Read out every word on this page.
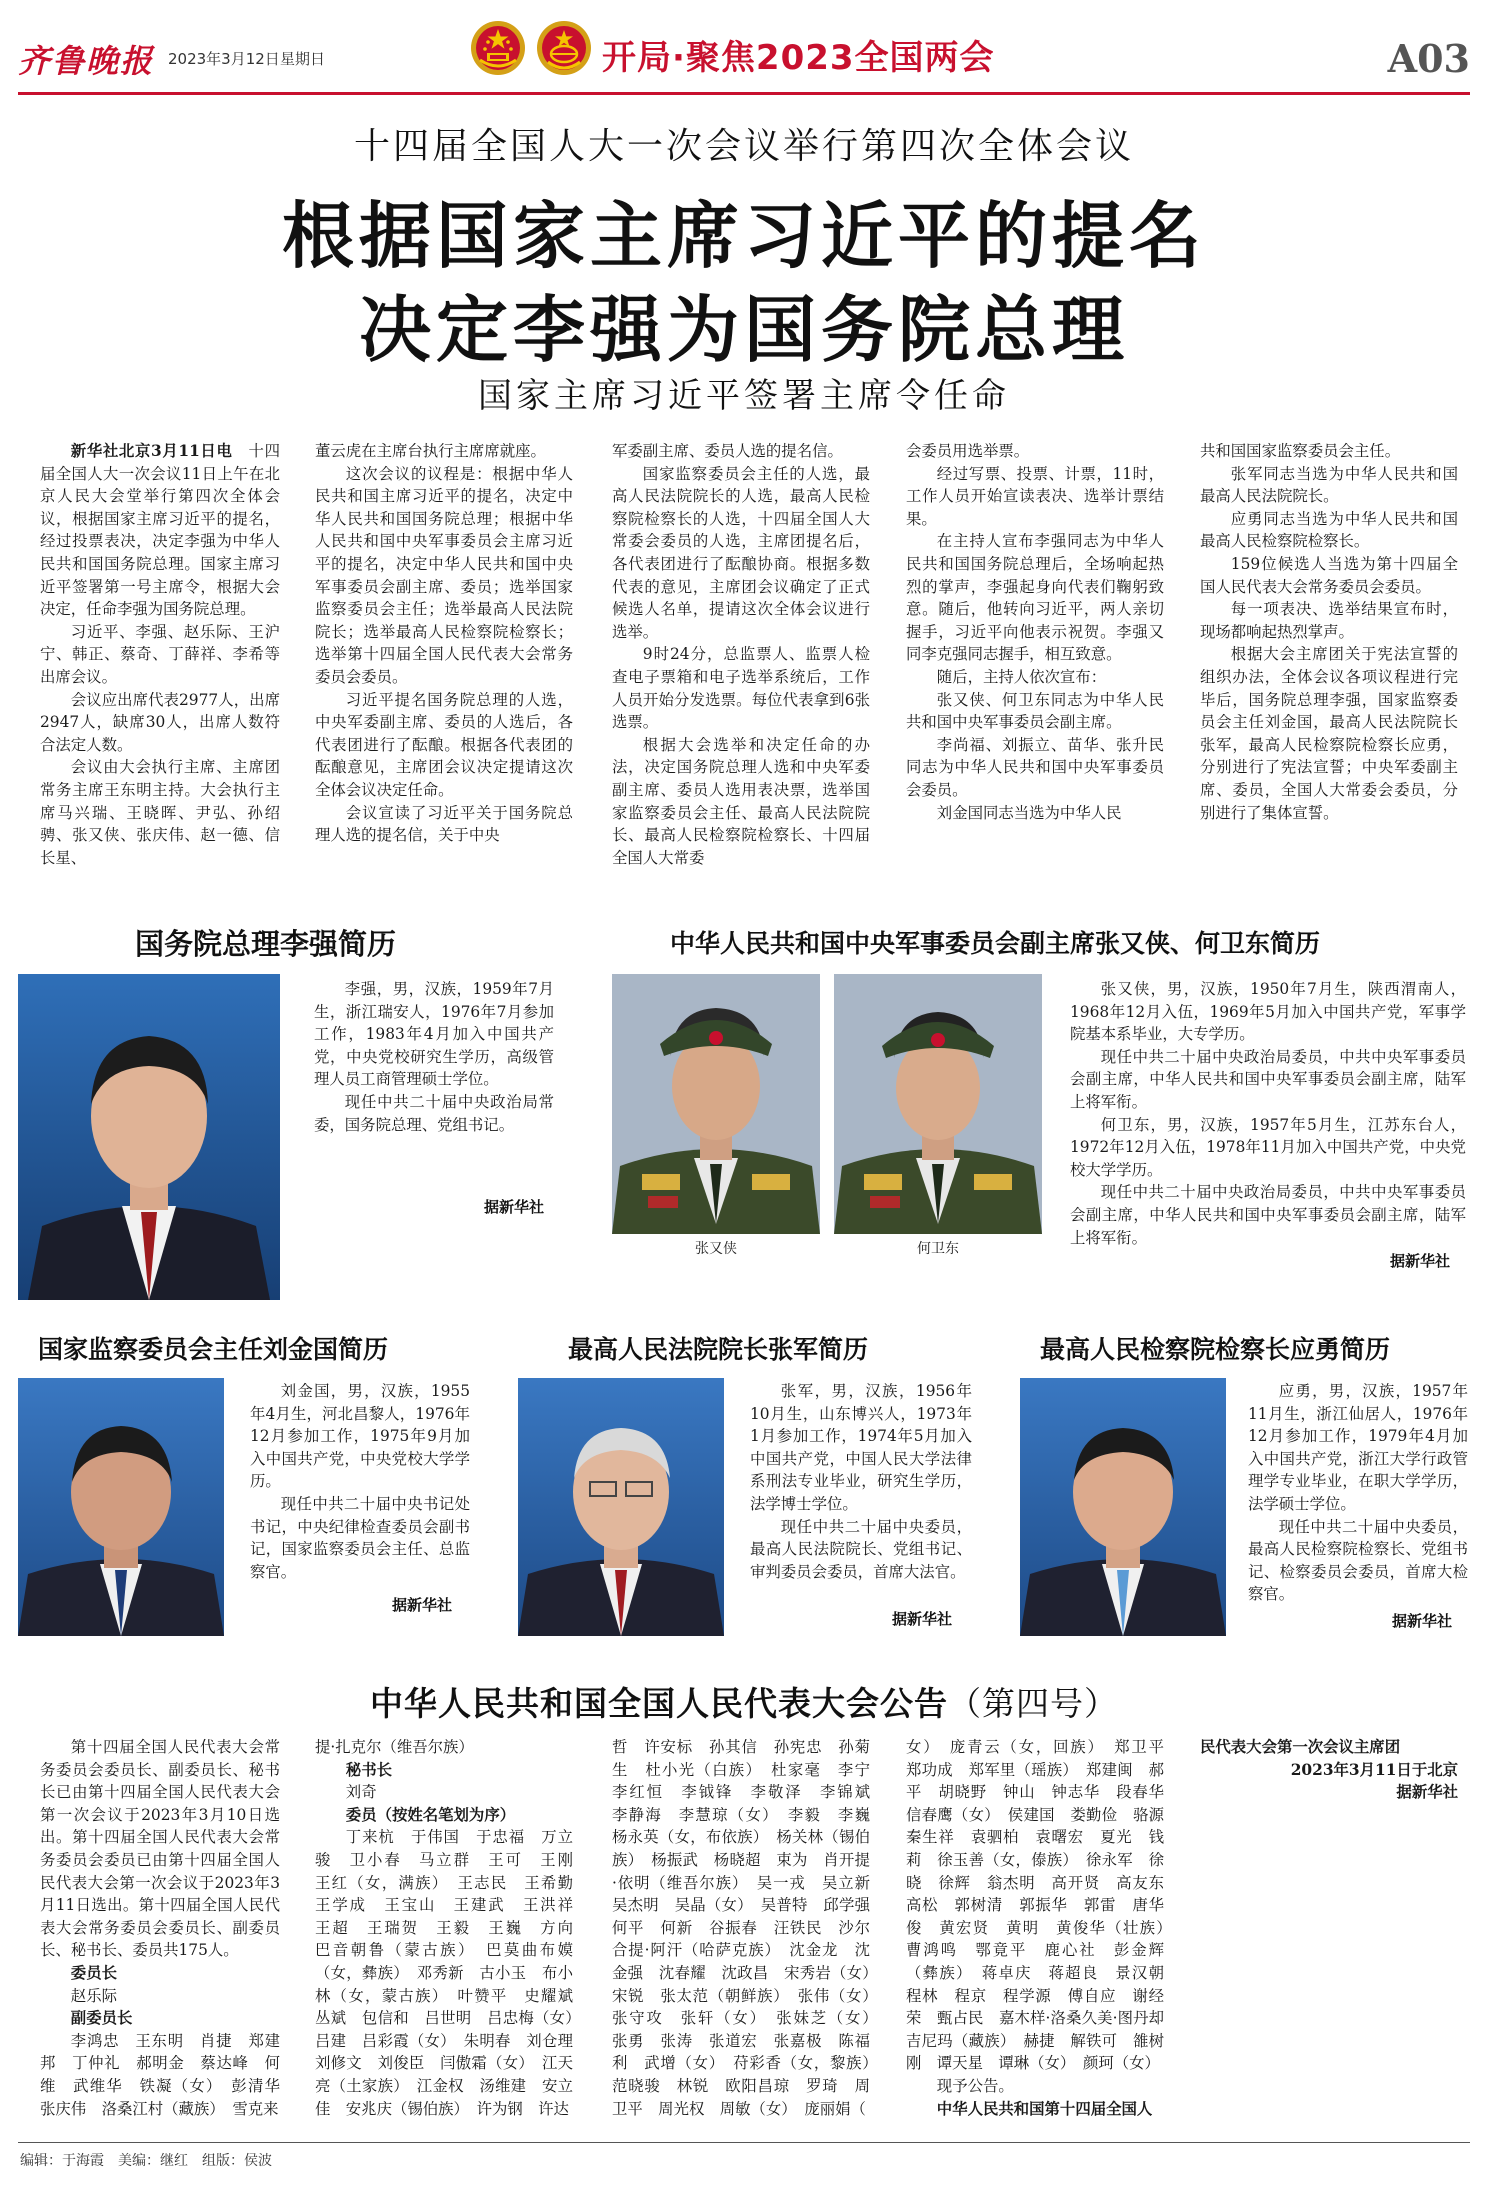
齐鲁晚报 2023年3月12日 星期日	开局·聚焦2023全国两会	A03
十四届全国人大一次会议举行第四次全体会议
根据国家主席习近平的提名
决定李强为国务院总理
国家主席习近平签署主席令任命

新华社北京3月11日电　 十四届全国人大一次会议11日上午在北京人民大会堂举行第四次全体会议，根据国家主席习近平的提名，经过投票表决，决定李强为中华人民共和国国务院总理。国家主席习近平签署第一号主席令，根据大会决定，任命李强为国务院总理。

习近平、李强、赵乐际、王沪宁、韩正、蔡奇、丁薛祥、李希等出席会议。

会议应出席代表2977人，出席2947人，缺席30人，出席人数符合法定人数。

会议由大会执行主席、主席团常务主席王东明主持。大会执行主席马兴瑞、王晓晖、尹弘、孙绍骋、张又侠、张庆伟、赵一德、信长星、

董云虎在主席台执行主席席就座。

这次会议的议程是：根据中华人民共和国主席习近平的提名，决定中华人民共和国国务院总理；根据中华人民共和国中央军事委员会主席习近平的提名，决定中华人民共和国中央军事委员会副主席、委员；选举国家监察委员会主任；选举最高人民法院院长；选举最高人民检察院检察长；选举第十四届全国人民代表大会常务委员会委员。

习近平提名国务院总理的人选，中央军委副主席、委员的人选后，各代表团进行了酝酿。根据各代表团的酝酿意见，主席团会议决定提请这次全体会议决定任命。

会议宣读了习近平关于国务院总理人选的提名信，关于中央

军委副主席、委员人选的提名信。

国家监察委员会主任的人选，最高人民法院院长的人选，最高人民检察院检察长的人选，十四届全国人大常委会委员的人选，主席团提名后，各代表团进行了酝酿协商。根据多数代表的意见，主席团会议确定了正式候选人名单，提请这次全体会议进行选举。

9时24分，总监票人、监票人检查电子票箱和电子选举系统后，工作人员开始分发选票。每位代表拿到6张选票。

根据大会选举和决定任命的办法，决定国务院总理人选和中央军委副主席、委员人选用表决票，选举国家监察委员会主任、最高人民法院院长、最高人民检察院检察长、十四届全国人大常委

会委员用选举票。

经过写票、投票、计票，11时，工作人员开始宣读表决、选举计票结果。

在主持人宣布李强同志为中华人民共和国国务院总理后，全场响起热烈的掌声，李强起身向代表们鞠躬致意。随后，他转向习近平，两人亲切握手，习近平向他表示祝贺。李强又同李克强同志握手，相互致意。

随后，主持人依次宣布：

张又侠、何卫东同志为中华人民共和国中央军事委员会副主席。

李尚福、刘振立、苗华、张升民同志为中华人民共和国中央军事委员会委员。

刘金国同志当选为中华人民

共和国国家监察委员会主任。

张军同志当选为中华人民共和国最高人民法院院长。

应勇同志当选为中华人民共和国最高人民检察院检察长。

159位候选人当选为第十四届全国人民代表大会常务委员会委员。

每一项表决、选举结果宣布时，现场都响起热烈掌声。

根据大会主席团关于宪法宣誓的组织办法，全体会议各项议程进行完毕后，国务院总理李强，国家监察委员会主任刘金国，最高人民法院院长张军，最高人民检察院检察长应勇，分别进行了宪法宣誓；中央军委副主席、委员，全国人大常委会委员，分别进行了集体宣誓。

国务院总理李强简历

李强，男，汉族，1959年7月生，浙江瑞安人，1976年7月参加工作，1983年4月加入中国共产党，中央党校研究生学历，高级管理人员工商管理硕士学位。

现任中共二十届中央政治局常委，国务院总理、党组书记。

据新华社
中华人民共和国中央军事委员会副主席张又侠、何卫东简历
张又侠	何卫东

张又侠，男，汉族，1950年7月生，陕西渭南人，1968年12月入伍，1969年5月加入中国共产党，军事学院基本系毕业，大专学历。

现任中共二十届中央政治局委员，中共中央军事委员会副主席，中华人民共和国中央军事委员会副主席，陆军上将军衔。

何卫东，男，汉族，1957年5月生，江苏东台人，1972年12月入伍，1978年11月加入中国共产党，中央党校大学学历。

现任中共二十届中央政治局委员，中共中央军事委员会副主席，中华人民共和国中央军事委员会副主席，陆军上将军衔。

据新华社
国家监察委员会主任刘金国简历

刘金国，男，汉族，1955年4月生，河北昌黎人，1976年12月参加工作，1975年9月加入中国共产党，中央党校大学学历。

现任中共二十届中央书记处书记，中央纪律检查委员会副书记，国家监察委员会主任、总监察官。

据新华社
最高人民法院院长张军简历

张军，男，汉族，1956年10月生，山东博兴人，1973年1月参加工作，1974年5月加入中国共产党，中国人民大学法律系刑法专业毕业，研究生学历，法学博士学位。

现任中共二十届中央委员，最高人民法院院长、党组书记、审判委员会委员，首席大法官。

据新华社
最高人民检察院检察长应勇简历

应勇，男，汉族，1957年11月生，浙江仙居人，1976年12月参加工作，1979年4月加入中国共产党，浙江大学行政管理学专业毕业，在职大学学历，法学硕士学位。

现任中共二十届中央委员，最高人民检察院检察长、党组书记、检察委员会委员，首席大检察官。

据新华社
中华人民共和国全国人民代表大会公告（第四号）

第十四届全国人民代表大会常务委员会委员长、副委员长、秘书长已由第十四届全国人民代表大会第一次会议于2023年3月10日选出。第十四届全国人民代表大会常务委员会委员已由第十四届全国人民代表大会第一次会议于2023年3月11日选出。第十四届全国人民代表大会常务委员会委员长、副委员长、秘书长、委员共175人。

委员长

赵乐际

副委员长

李鸿忠　王东明　肖捷　郑建邦　丁仲礼　郝明金　蔡达峰　何维　武维华　铁凝（女）　彭清华　张庆伟　洛桑江村（藏族）　雪克来

提·扎克尔（维吾尔族）

秘书长

刘奇

委员（按姓名笔划为序）

丁来杭　于伟国　于忠福　万立骏　卫小春　马立群　王可　王刚　王红（女，满族）　王志民　王希勤　王学成　王宝山　王建武　王洪祥　王超　王瑞贺　王毅　王巍　方向　巴音朝鲁（蒙古族）　巴莫曲布嫫（女，彝族）　邓秀新　古小玉　布小林（女，蒙古族）　叶赞平　史耀斌　丛斌　包信和　吕世明　吕忠梅（女）　吕建　吕彩霞（女）　朱明春　刘仓理　刘修文　刘俊臣　闫傲霜（女）　江天亮（土家族）　江金权　汤维建　安立佳　安兆庆（锡伯族）　许为钢　许达

哲　许安标　孙其信　孙宪忠　孙菊生　杜小光（白族）　杜家毫　李宁　李红恒　李钺锋　李敬泽　李锦斌　李静海　李慧琼（女）　李毅　李巍　杨永英（女，布依族）　杨关林（锡伯族）　杨振武　杨晓超　束为　肖开提·依明（维吾尔族）　吴一戎　吴立新　吴杰明　吴晶（女）　吴普特　邱学强　何平　何新　谷振春　汪铁民　沙尔合提·阿汗（哈萨克族）　沈金龙　沈金强　沈春耀　沈政昌　宋秀岩（女）　宋锐　张太范（朝鲜族）　张伟（女）　张守攻　张轩（女）　张妹芝（女）　张勇　张涛　张道宏　张嘉极　陈福利　武增（女）　苻彩香（女，黎族）　范晓骏　林锐　欧阳昌琼　罗琦　周卫平　周光权　周敏（女）　庞丽娟（

女）　庞青云（女，回族）　郑卫平　郑功成　郑军里（瑶族）　郑建闽　郝平　胡晓野　钟山　钟志华　段春华　信春鹰（女）　侯建国　娄勤俭　骆源　秦生祥　袁驷柏　袁曙宏　夏光　钱莉　徐玉善（女，傣族）　徐永军　徐晓　徐辉　翁杰明　高开贤　高友东　高松　郭树清　郭振华　郭雷　唐华俊　黄宏贤　黄明　黄俊华（壮族）　曹鸿鸣　鄂竟平　鹿心社　彭金辉（彝族）　蒋卓庆　蒋超良　景汉朝　程林　程京　程学源　傅自应　谢经荣　甄占民　嘉木样·洛桑久美·图丹却吉尼玛（藏族）　赫捷　解铁可　雒树刚　谭天星　谭琳（女）　颜珂（女）

现予公告。

中华人民共和国第十四届全国人

民代表大会第一次会议主席团

2023年3月11日于北京

据新华社

编辑：于海霞　美编：继红　组版：侯波
